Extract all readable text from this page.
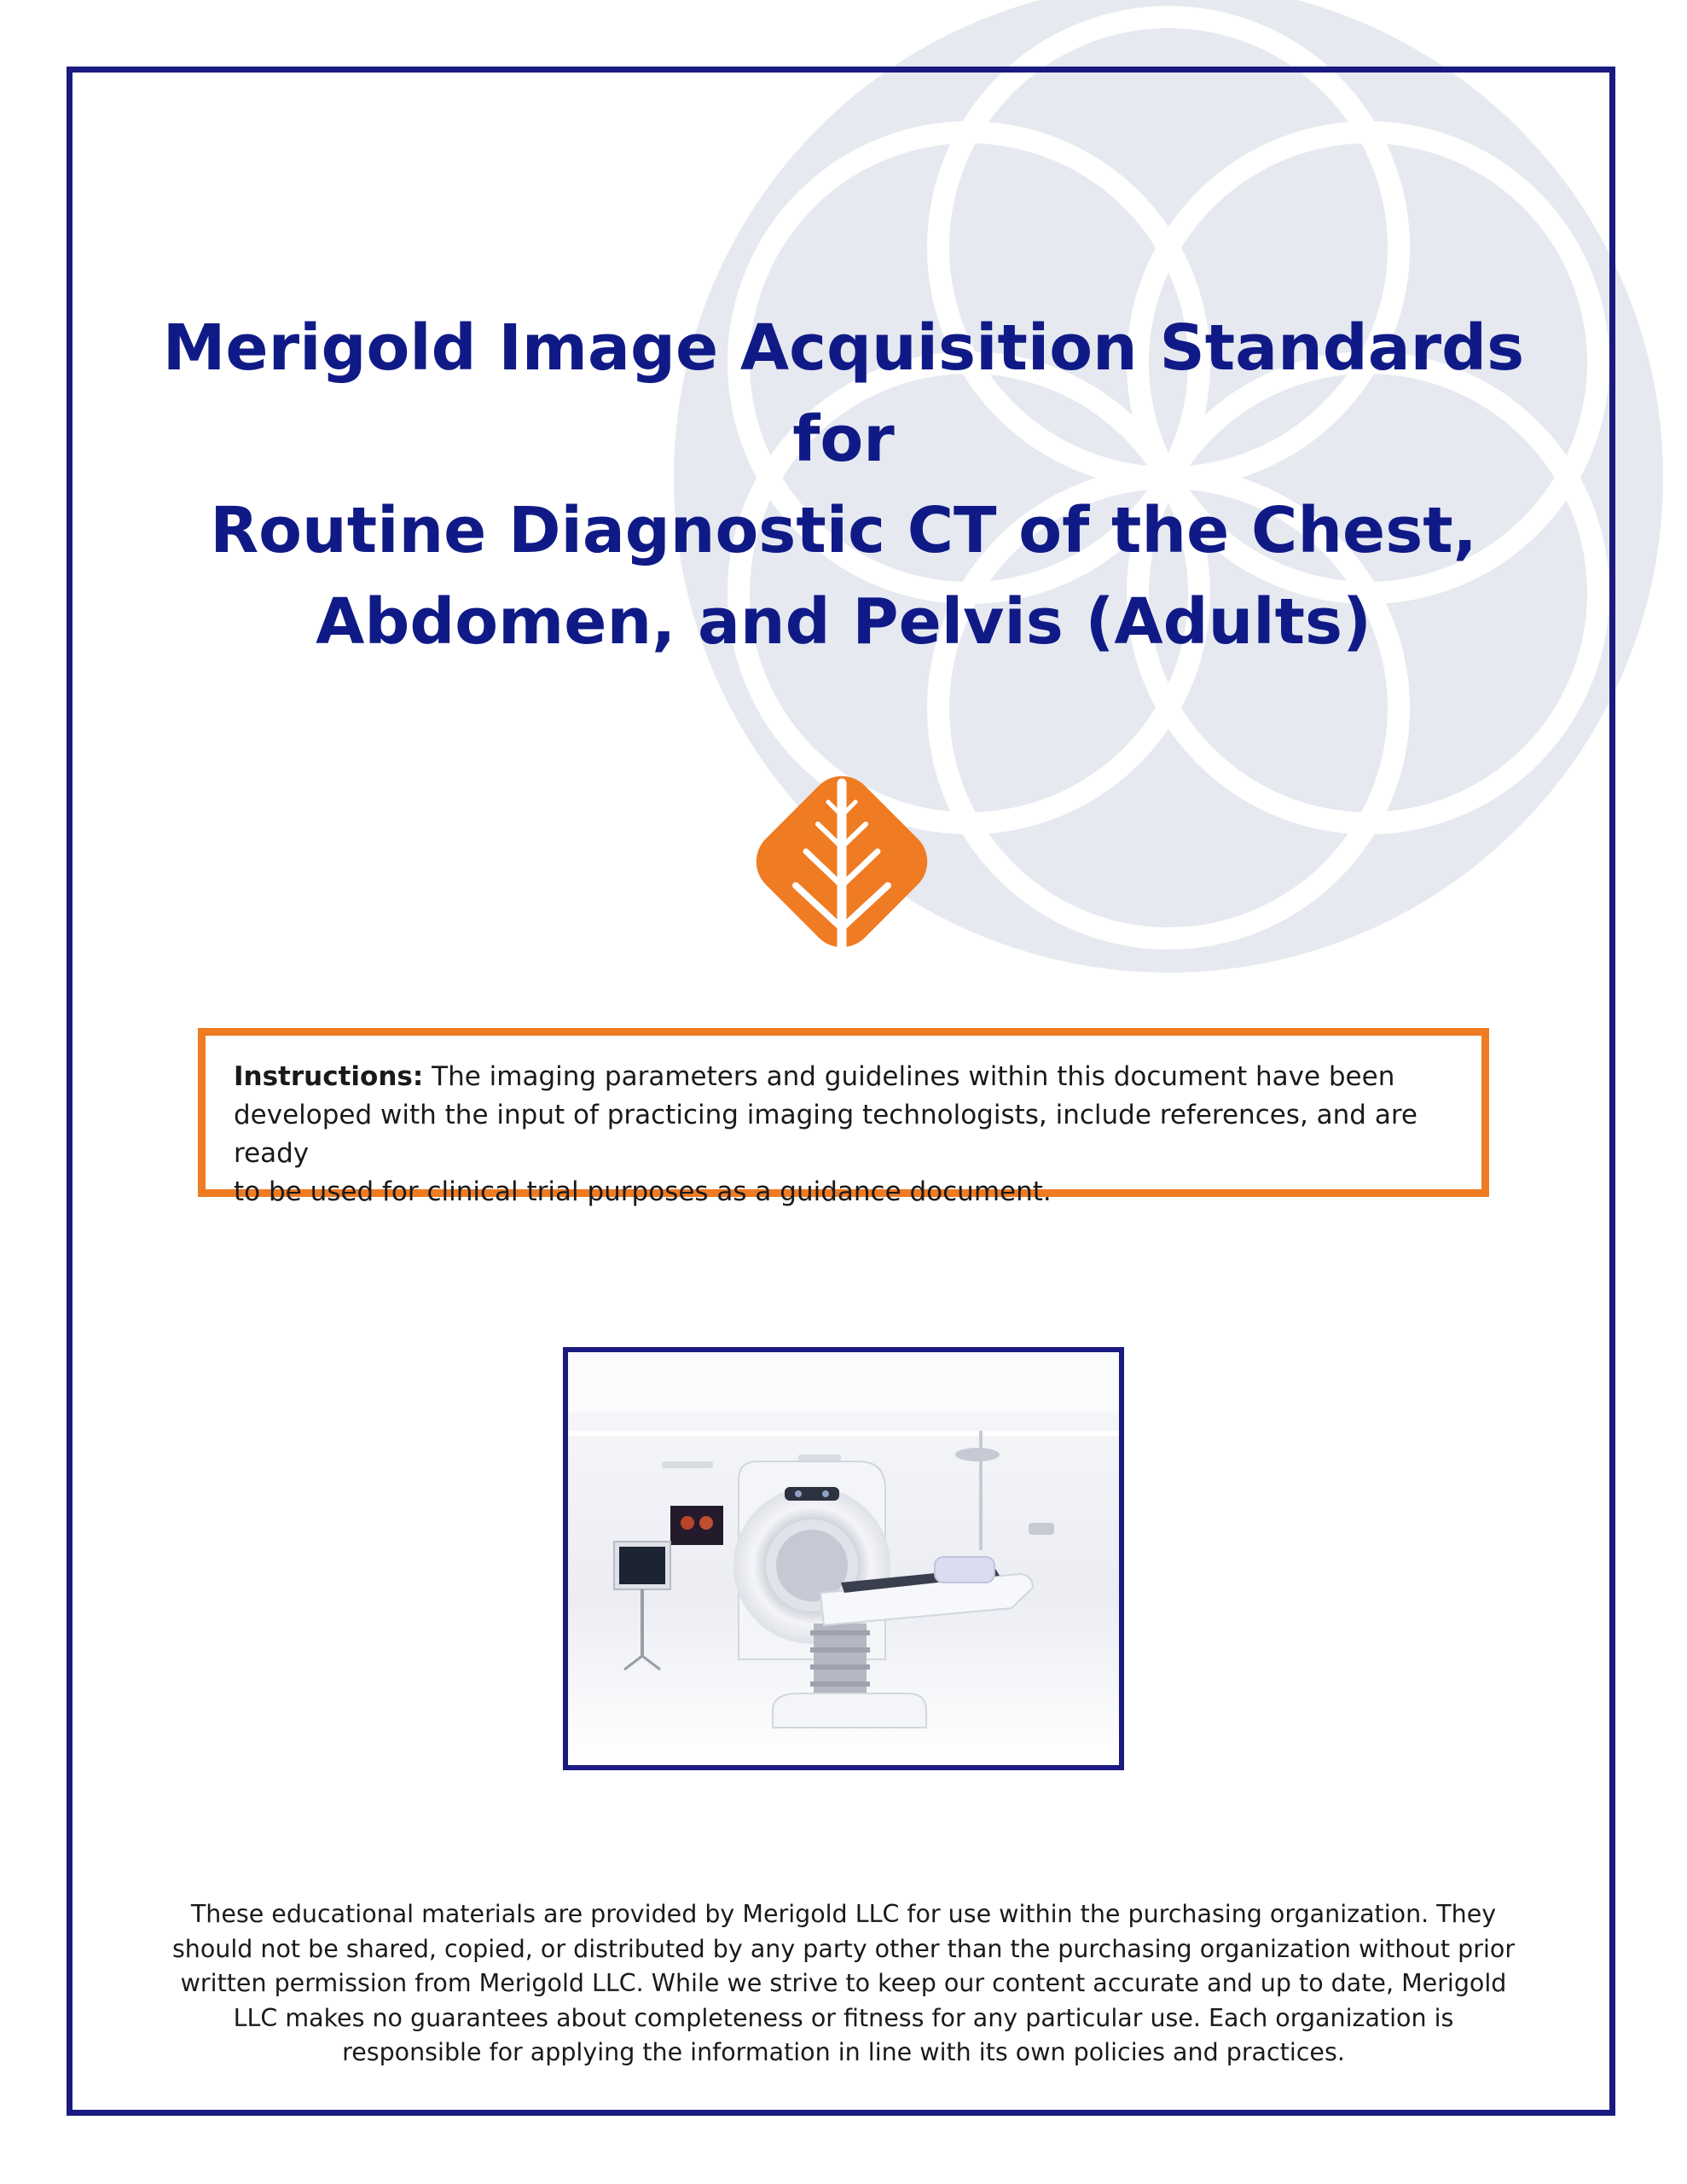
Merigold Image Acquisition Standards
for
Routine Diagnostic CT of the Chest,
Abdomen, and Pelvis (Adults)
Instructions: The imaging parameters and guidelines within this document have been
developed with the input of practicing imaging technologists, include references, and are ready
to be used for clinical trial purposes as a guidance document.
These educational materials are provided by Merigold LLC for use within the purchasing organization. They
should not be shared, copied, or distributed by any party other than the purchasing organization without prior
written permission from Merigold LLC. While we strive to keep our content accurate and up to date, Merigold
LLC makes no guarantees about completeness or fitness for any particular use. Each organization is
responsible for applying the information in line with its own policies and practices.
